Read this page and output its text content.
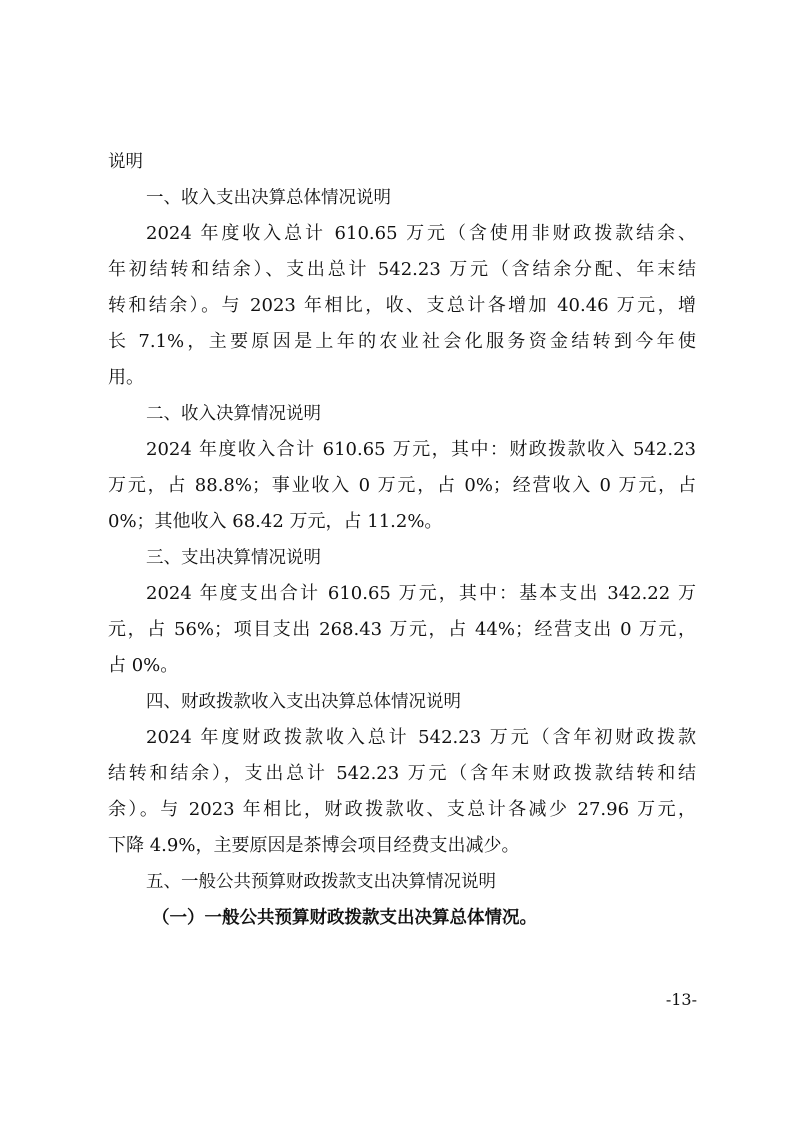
说明
一、收入支出决算总体情况说明
2024 年度收入总计 610.65 万元（含使用非财政拨款结余、
年初结转和结余）、支出总计 542.23 万元（含结余分配、年末结
转和结余）。与 2023 年相比，收、支总计各增加 40.46 万元，增
长 7.1%，主要原因是上年的农业社会化服务资金结转到今年使
用。
二、收入决算情况说明
2024 年度收入合计 610.65 万元，其中：财政拨款收入 542.23
万元，占 88.8%；事业收入 0 万元，占 0%；经营收入 0 万元，占
0%；其他收入 68.42 万元，占 11.2%。
三、支出决算情况说明
2024 年度支出合计 610.65 万元，其中：基本支出 342.22 万
元，占 56%；项目支出 268.43 万元，占 44%；经营支出 0 万元，
占 0%。
四、财政拨款收入支出决算总体情况说明
2024 年度财政拨款收入总计 542.23 万元（含年初财政拨款
结转和结余），支出总计 542.23 万元（含年末财政拨款结转和结
余）。与 2023 年相比，财政拨款收、支总计各减少 27.96 万元，
下降 4.9%，主要原因是茶博会项目经费支出减少。
五、一般公共预算财政拨款支出决算情况说明
（一）一般公共预算财政拨款支出决算总体情况。
-13-
